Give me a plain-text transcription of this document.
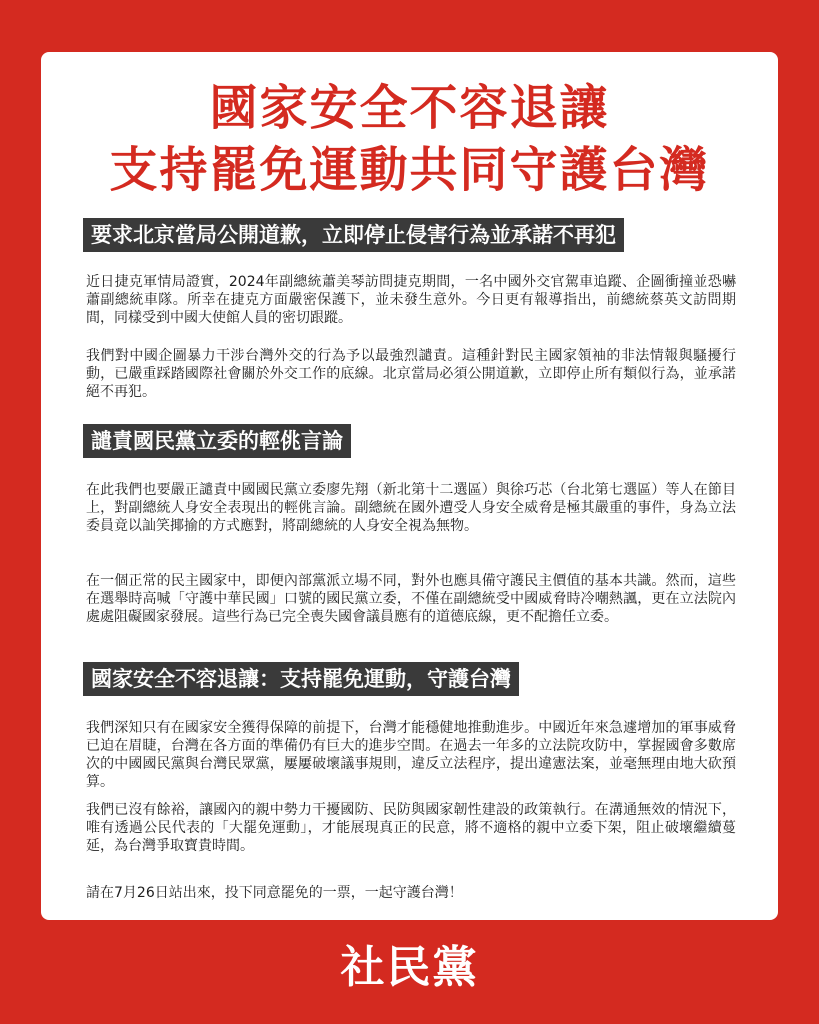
國家安全不容退讓
支持罷免運動共同守護台灣
要求北京當局公開道歉，立即停止侵害行為並承諾不再犯

近日捷克軍情局證實，2024年副總統蕭美琴訪問捷克期間，一名中國外交官駕車追蹤、企圖衝撞並恐嚇蕭副總統車隊。所幸在捷克方面嚴密保護下，並未發生意外。今日更有報導指出，前總統蔡英文訪問期間，同樣受到中國大使館人員的密切跟蹤。

我們對中國企圖暴力干涉台灣外交的行為予以最強烈譴責。這種針對民主國家領袖的非法情報與騷擾行動，已嚴重踩踏國際社會關於外交工作的底線。北京當局必須公開道歉，立即停止所有類似行為，並承諾絕不再犯。

譴責國民黨立委的輕佻言論

在此我們也要嚴正譴責中國國民黨立委廖先翔（新北第十二選區）與徐巧芯（台北第七選區）等人在節目上，對副總統人身安全表現出的輕佻言論。副總統在國外遭受人身安全威脅是極其嚴重的事件，身為立法委員竟以訕笑揶揄的方式應對，將副總統的人身安全視為無物。

在一個正常的民主國家中，即便內部黨派立場不同，對外也應具備守護民主價值的基本共識。然而，這些在選舉時高喊「守護中華民國」口號的國民黨立委，不僅在副總統受中國威脅時冷嘲熱諷，更在立法院內處處阻礙國家發展。這些行為已完全喪失國會議員應有的道德底線，更不配擔任立委。

國家安全不容退讓：支持罷免運動，守護台灣

我們深知只有在國家安全獲得保障的前提下，台灣才能穩健地推動進步。中國近年來急遽增加的軍事威脅已迫在眉睫，台灣在各方面的準備仍有巨大的進步空間。在過去一年多的立法院攻防中，掌握國會多數席次的中國國民黨與台灣民眾黨，屢屢破壞議事規則，違反立法程序，提出違憲法案，並毫無理由地大砍預算。

我們已沒有餘裕，讓國內的親中勢力干擾國防、民防與國家韌性建設的政策執行。在溝通無效的情況下，唯有透過公民代表的「大罷免運動」，才能展現真正的民意，將不適格的親中立委下架，阻止破壞繼續蔓延，為台灣爭取寶貴時間。

請在7月26日站出來，投下同意罷免的一票，一起守護台灣！

社民黨
